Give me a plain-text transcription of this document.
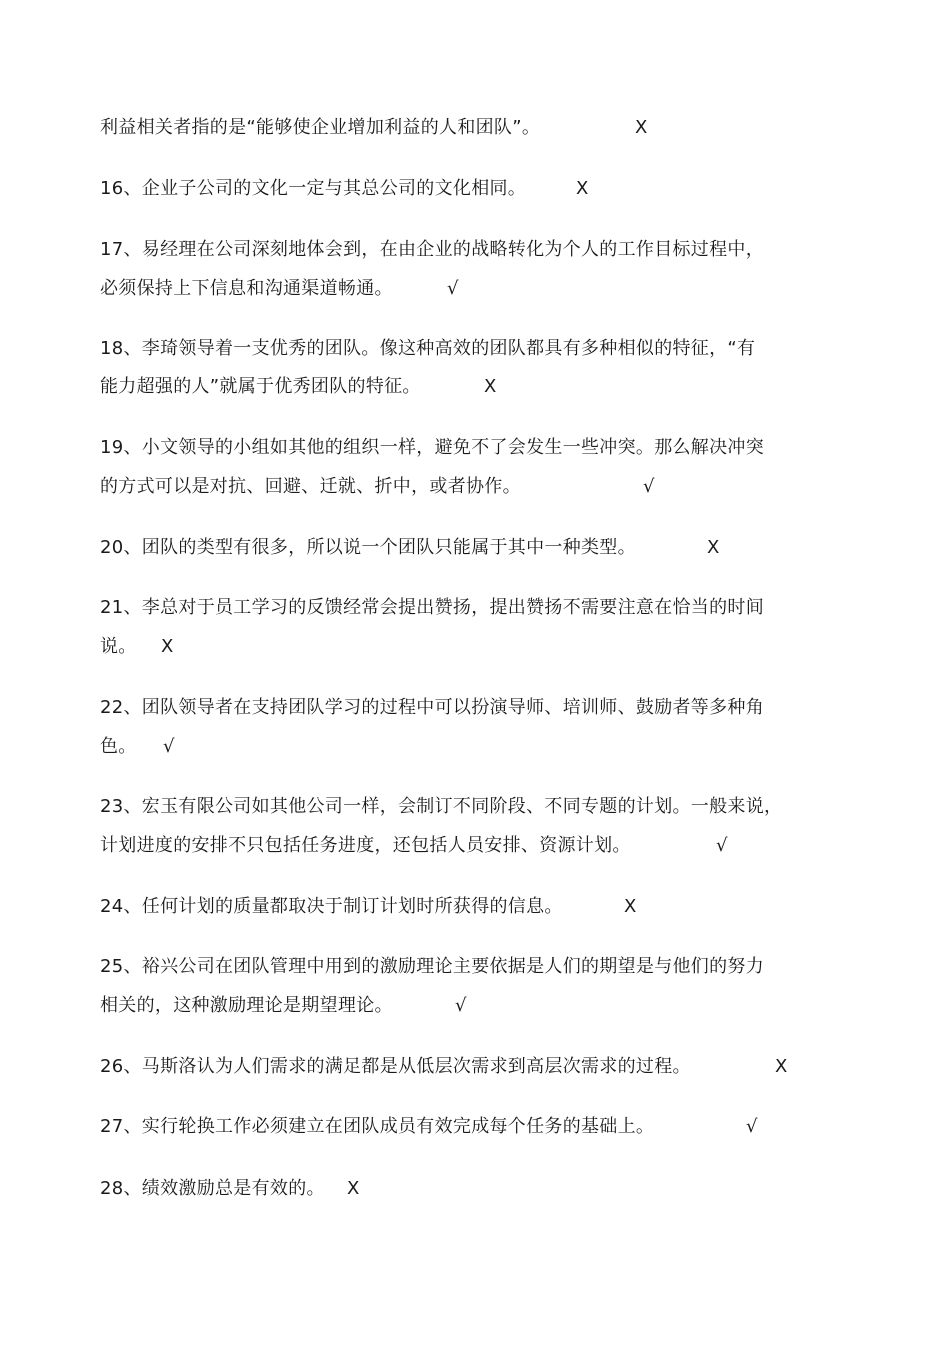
利益相关者指的是“能够使企业增加利益的人和团队”。	X
16、企业子公司的文化一定与其总公司的文化相同。	X
17、易经理在公司深刻地体会到，在由企业的战略转化为个人的工作目标过程中，
必须保持上下信息和沟通渠道畅通。	√
18、李琦领导着一支优秀的团队。像这种高效的团队都具有多种相似的特征，“有
能力超强的人”就属于优秀团队的特征。	X
19、小文领导的小组如其他的组织一样，避免不了会发生一些冲突。那么解决冲突
的方式可以是对抗、回避、迁就、折中，或者协作。	√
20、团队的类型有很多，所以说一个团队只能属于其中一种类型。	X
21、李总对于员工学习的反馈经常会提出赞扬，提出赞扬不需要注意在恰当的时间
说。 X
22、团队领导者在支持团队学习的过程中可以扮演导师、培训师、鼓励者等多种角
色。 √
23、宏玉有限公司如其他公司一样，会制订不同阶段、不同专题的计划。一般来说，
计划进度的安排不只包括任务进度，还包括人员安排、资源计划。	√
24、任何计划的质量都取决于制订计划时所获得的信息。	X
25、裕兴公司在团队管理中用到的激励理论主要依据是人们的期望是与他们的努力
相关的，这种激励理论是期望理论。	√
26、马斯洛认为人们需求的满足都是从低层次需求到高层次需求的过程。	X
27、实行轮换工作必须建立在团队成员有效完成每个任务的基础上。	√
28、绩效激励总是有效的。 X
